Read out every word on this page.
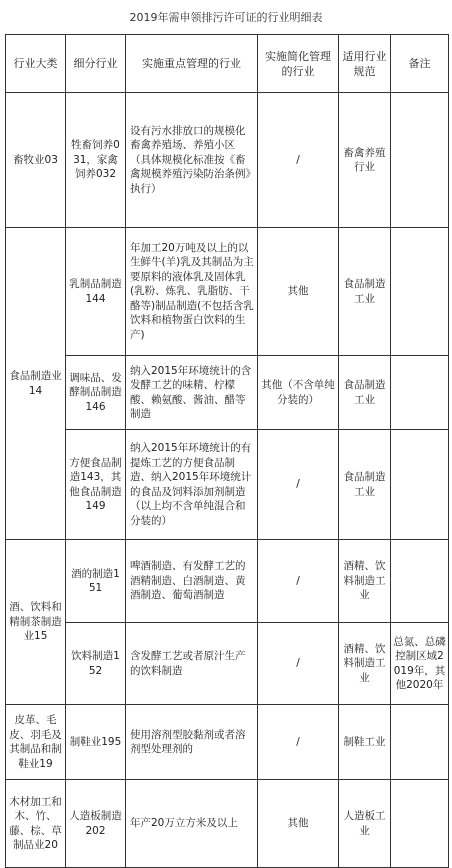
2019年需申领排污许可证的行业明细表
行业大类	细分行业	实施重点管理的行业	实施简化管理的行业	适用行业规范	备注
畜牧业03	牲畜饲养031，家禽饲养032	设有污水排放口的规模化畜禽养殖场、养殖小区（具体规模化标准按《畜禽规模养殖污染防治条例》执行）	/	畜禽养殖行业	
食品制造业14	乳制品制造144	年加工20万吨及以上的以生鲜牛(羊)乳及其制品为主要原料的液体乳及固体乳(乳粉、炼乳、乳脂肪、干酪等)制品制造(不包括含乳饮料和植物蛋白饮料的生产)	其他	食品制造工业	
	调味品、发酵制品制造146	纳入2015年环境统计的含发酵工艺的味精、柠檬酸、赖氨酸、酱油、醋等制造	其他（不含单纯分装的）	食品制造工业	
	方便食品制造143，其他食品制造149	纳入2015年环境统计的有提炼工艺的方便食品制造、纳入2015年环境统计的食品及饲料添加剂制造（以上均不含单纯混合和分装的）	/	食品制造工业	
酒、饮料和精制茶制造业15	酒的制造151	啤酒制造、有发酵工艺的酒精制造、白酒制造、黄酒制造、葡萄酒制造	/	酒精、饮料制造工业	
	饮料制造152	含发酵工艺或者原汁生产的饮料制造	/	酒精、饮料制造工业	总氮、总磷控制区域2019年，其他2020年
皮革、毛皮、羽毛及其制品和制鞋业19	制鞋业195	使用溶剂型胶黏剂或者溶剂型处理剂的	/	制鞋工业	
木材加工和木、竹、藤、棕、草制品业20	人造板制造202	年产20万立方米及以上	其他	人造板工业	
